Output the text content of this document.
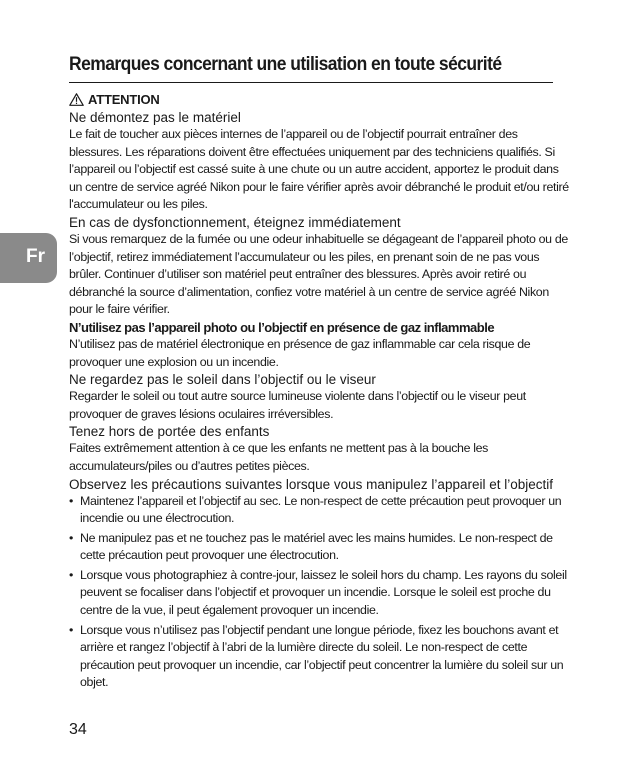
Remarques concernant une utilisation en toute sécurité
Fr
ATTENTION
Ne démontez pas le matériel

Le fait de toucher aux pièces internes de l’appareil ou de l’objectif pourrait entraîner des blessures. Les réparations doivent être effectuées uniquement par des techniciens qualifiés. Si l’appareil ou l’objectif est cassé suite à une chute ou un autre accident, apportez le produit dans un centre de service agréé Nikon pour le faire vérifier après avoir débranché le produit et/ou retiré l'accumulateur ou les piles.

En cas de dysfonctionnement, éteignez immédiatement

Si vous remarquez de la fumée ou une odeur inhabituelle se dégageant de l’appareil photo ou de l’objectif, retirez immédiatement l’accumulateur ou les piles, en prenant soin de ne pas vous brûler. Continuer d’utiliser son matériel peut entraîner des blessures. Après avoir retiré ou débranché la source d’alimentation, confiez votre matériel à un centre de service agréé Nikon pour le faire vérifier.

N’utilisez pas l’appareil photo ou l’objectif en présence de gaz inflammable

N’utilisez pas de matériel électronique en présence de gaz inflammable car cela risque de provoquer une explosion ou un incendie.

Ne regardez pas le soleil dans l’objectif ou le viseur

Regarder le soleil ou tout autre source lumineuse violente dans l’objectif ou le viseur peut provoquer de graves lésions oculaires irréversibles.

Tenez hors de portée des enfants

Faites extrêmement attention à ce que les enfants ne mettent pas à la bouche les accumulateurs/piles ou d’autres petites pièces.

Observez les précautions suivantes lorsque vous manipulez l’appareil et l’objectif
• Maintenez l’appareil et l’objectif au sec. Le non-respect de cette précaution peut provoquer un incendie ou une électrocution.
• Ne manipulez pas et ne touchez pas le matériel avec les mains humides. Le non-respect de cette précaution peut provoquer une électrocution.
• Lorsque vous photographiez à contre-jour, laissez le soleil hors du champ. Les rayons du soleil peuvent se focaliser dans l’objectif et provoquer un incendie. Lorsque le soleil est proche du centre de la vue, il peut également provoquer un incendie.
• Lorsque vous n’utilisez pas l’objectif pendant une longue période, fixez les bouchons avant et arrière et rangez l’objectif à l’abri de la lumière directe du soleil. Le non-respect de cette précaution peut provoquer un incendie, car l’objectif peut concentrer la lumière du soleil sur un objet.
34
